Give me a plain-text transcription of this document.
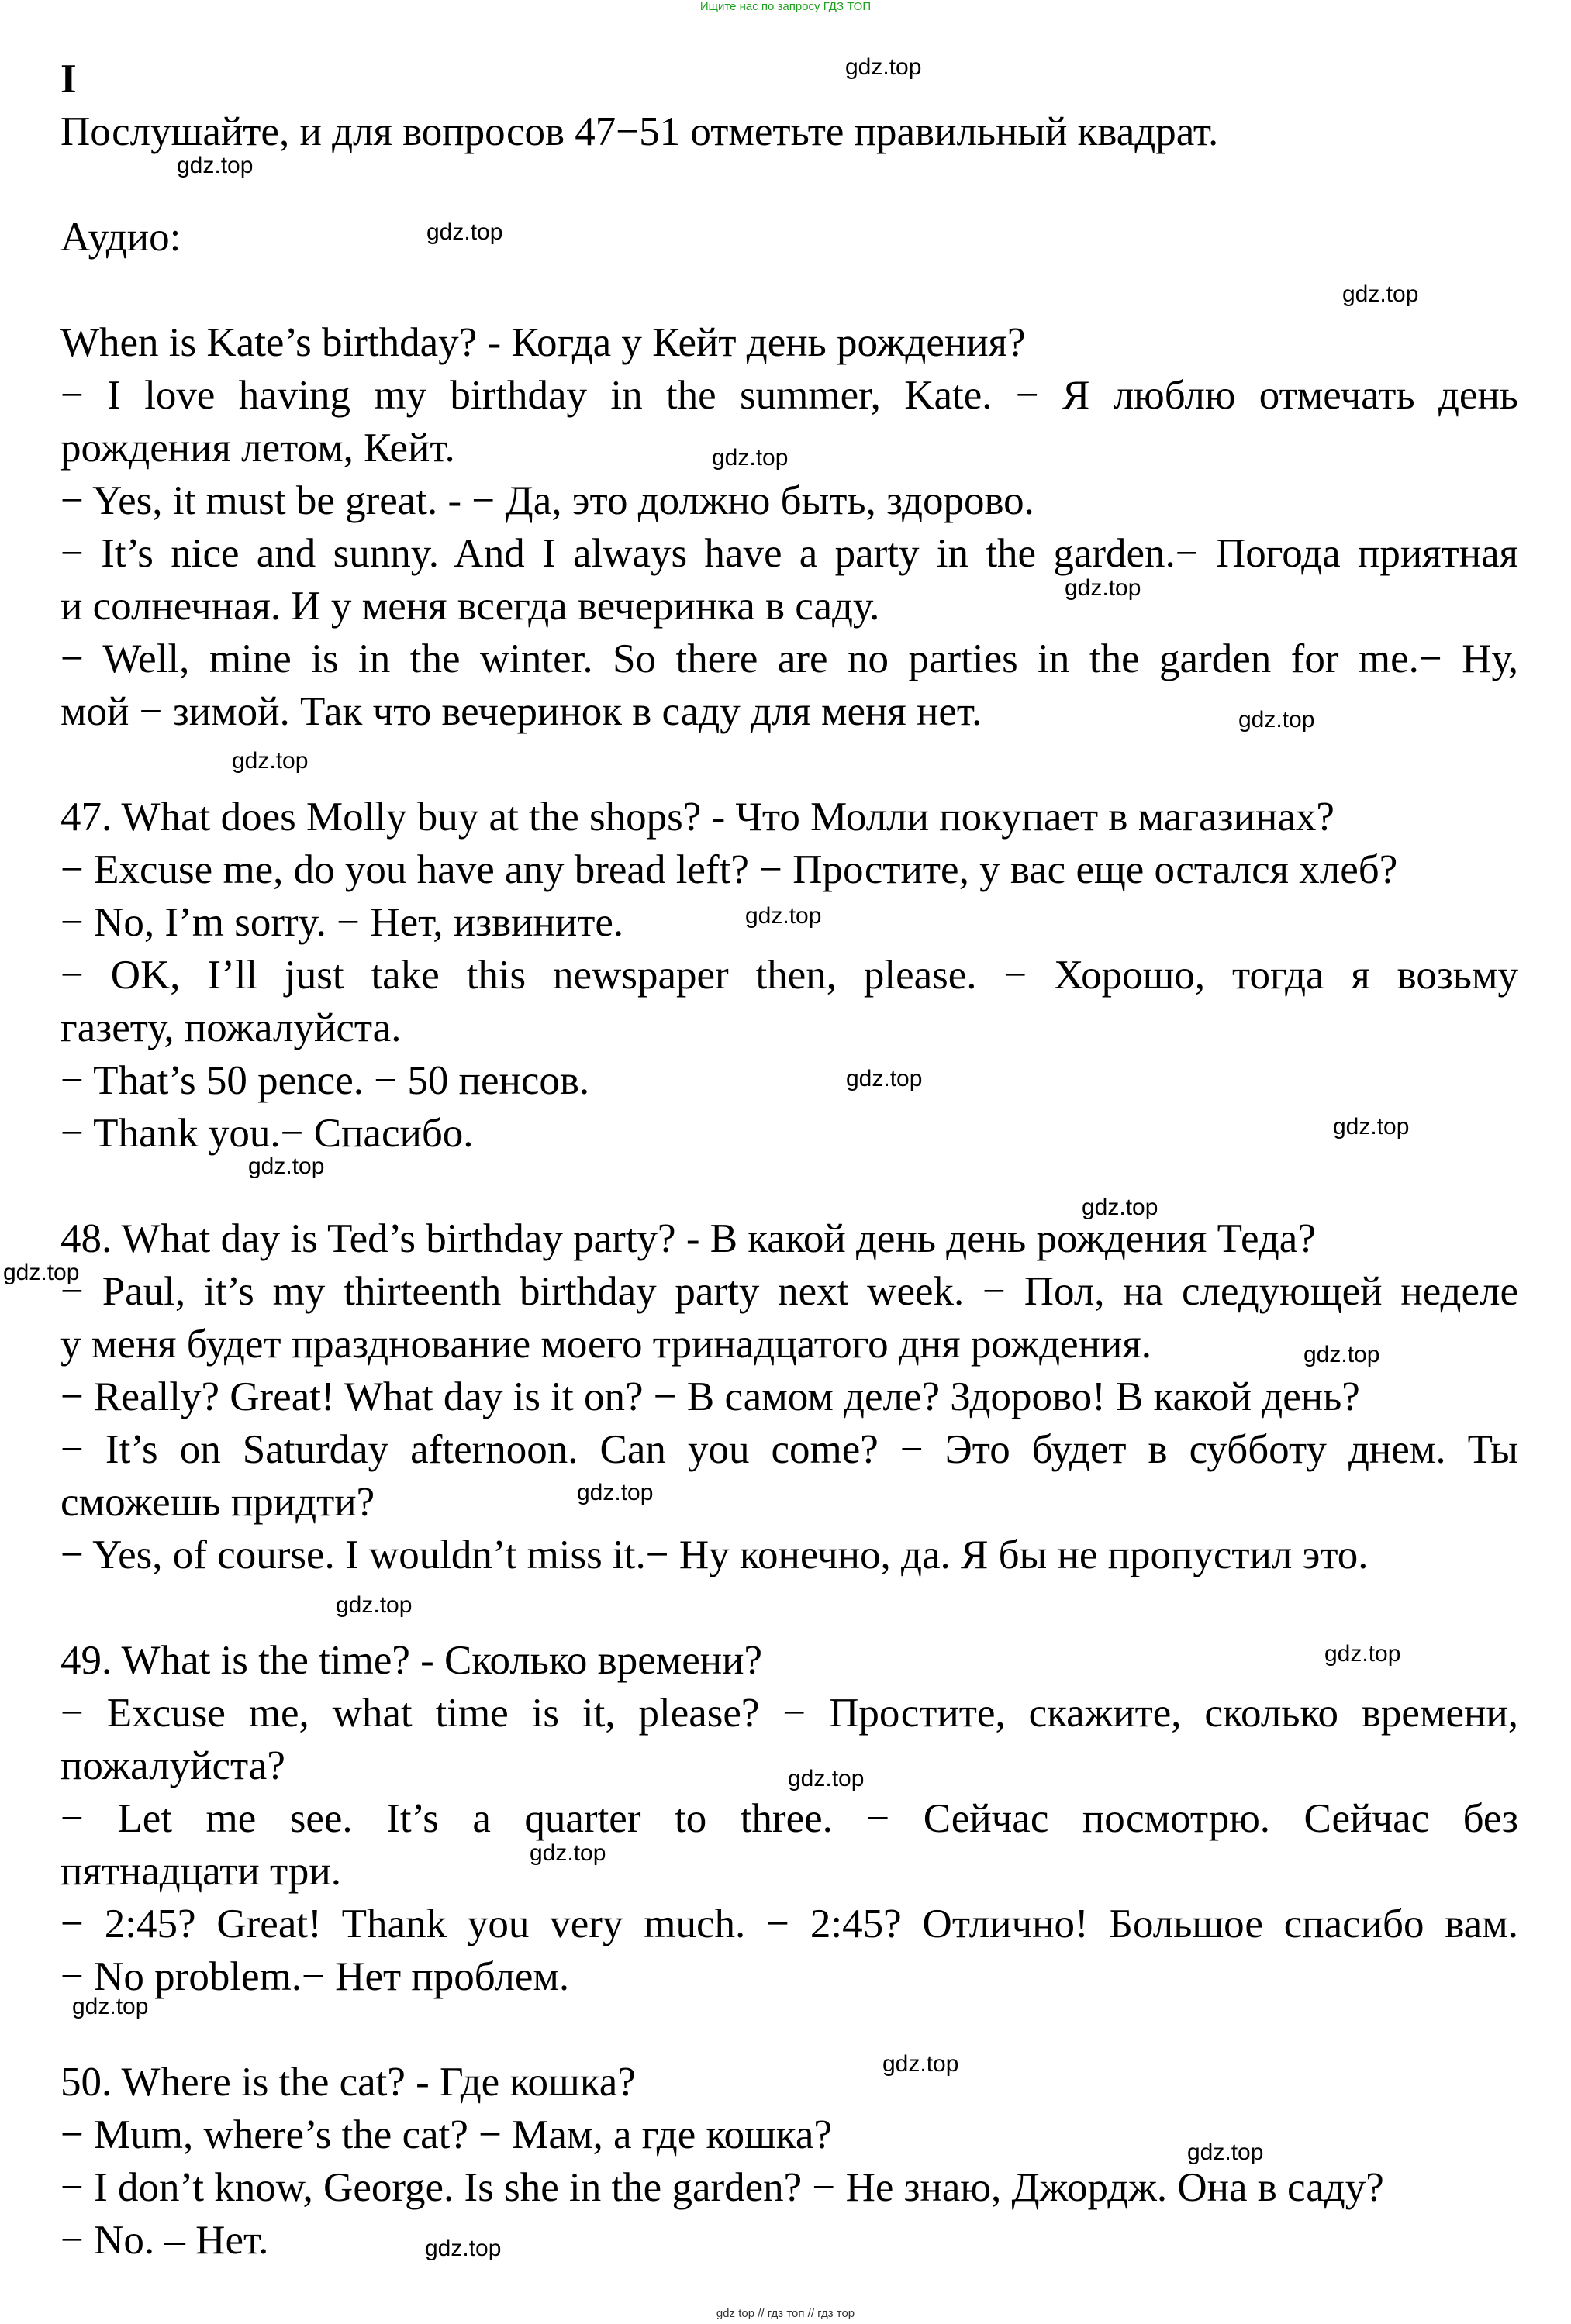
Ищите нас по запросу ГДЗ ТОП
I
Послушайте, и для вопросов 47−51 отметьте правильный квадрат.
Аудио:
When is Kate’s birthday? - Когда у Кейт день рождения?
− I love having my birthday in the summer, Kate. − Я люблю отмечать день
рождения летом, Кейт.
− Yes, it must be great. - − Да, это должно быть, здорово.
− It’s nice and sunny. And I always have a party in the garden.− Погода приятная
и солнечная. И у меня всегда вечеринка в саду.
− Well, mine is in the winter. So there are no parties in the garden for me.− Ну,
мой − зимой. Так что вечеринок в саду для меня нет.
47. What does Molly buy at the shops? - Что Молли покупает в магазинах?
− Excuse me, do you have any bread left? − Простите, у вас еще остался хлеб?
− No, I’m sorry. − Нет, извините.
− OK, I’ll just take this newspaper then, please. − Хорошо, тогда я возьму
газету, пожалуйста.
− That’s 50 pence. − 50 пенсов.
− Thank you.− Спасибо.
48. What day is Ted’s birthday party? - В какой день день рождения Теда?
− Paul, it’s my thirteenth birthday party next week. − Пол, на следующей неделе
у меня будет празднование моего тринадцатого дня рождения.
− Really? Great! What day is it on? − В самом деле? Здорово! В какой день?
− It’s on Saturday afternoon. Can you come? − Это будет в субботу днем. Ты
сможешь придти?
− Yes, of course. I wouldn’t miss it.− Ну конечно, да. Я бы не пропустил это.
49. What is the time? - Сколько времени?
− Excuse me, what time is it, please? − Простите, скажите, сколько времени,
пожалуйста?
− Let me see. It’s a quarter to three. − Сейчас посмотрю. Сейчас без
пятнадцати три.
− 2:45? Great! Thank you very much. − 2:45? Отлично! Большое спасибо вам.
− No problem.− Нет проблем.
50. Where is the cat? - Где кошка?
− Mum, where’s the cat? − Мам, а где кошка?
− I don’t know, George. Is she in the garden? − Не знаю, Джордж. Она в саду?
− No. – Нет.
gdz.top
gdz.top
gdz.top
gdz.top
gdz.top
gdz.top
gdz.top
gdz.top
gdz.top
gdz.top
gdz.top
gdz.top
gdz.top
gdz.top
gdz.top
gdz.top
gdz.top
gdz.top
gdz.top
gdz.top
gdz.top
gdz.top
gdz.top
gdz.top
gdz top // гдз топ // гдз тор
